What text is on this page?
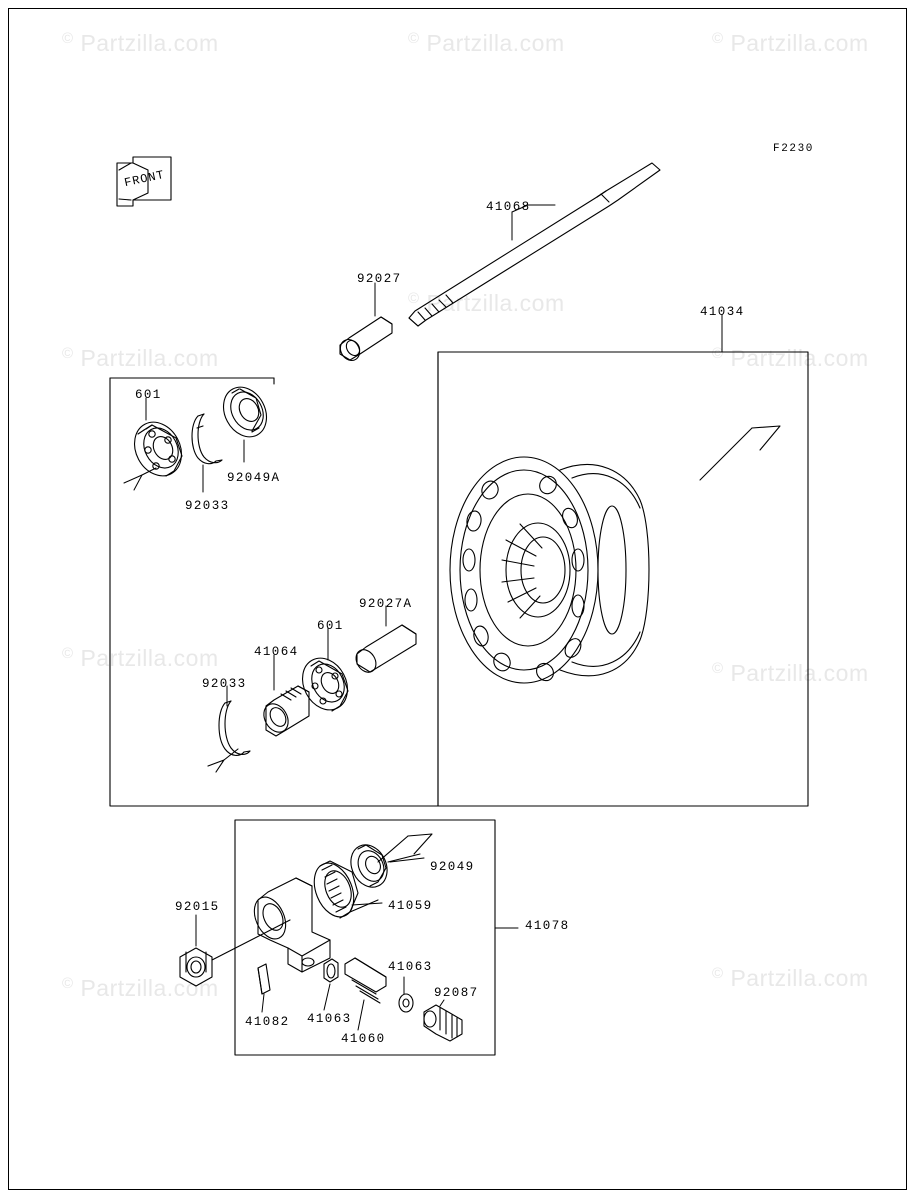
© Partzilla.com	© Partzilla.com	© Partzilla.com
© Partzilla.com
© Partzilla.com
© Partzilla.com
© Partzilla.com	© Partzilla.com
© Partzilla.com
© Partzilla.com
F2230
FRONT
41068
92027
41034
601
92049A
92033
92027A
601
41064
92033
92049
41059
41078
92015
41063
92087
41082 41063
41060
